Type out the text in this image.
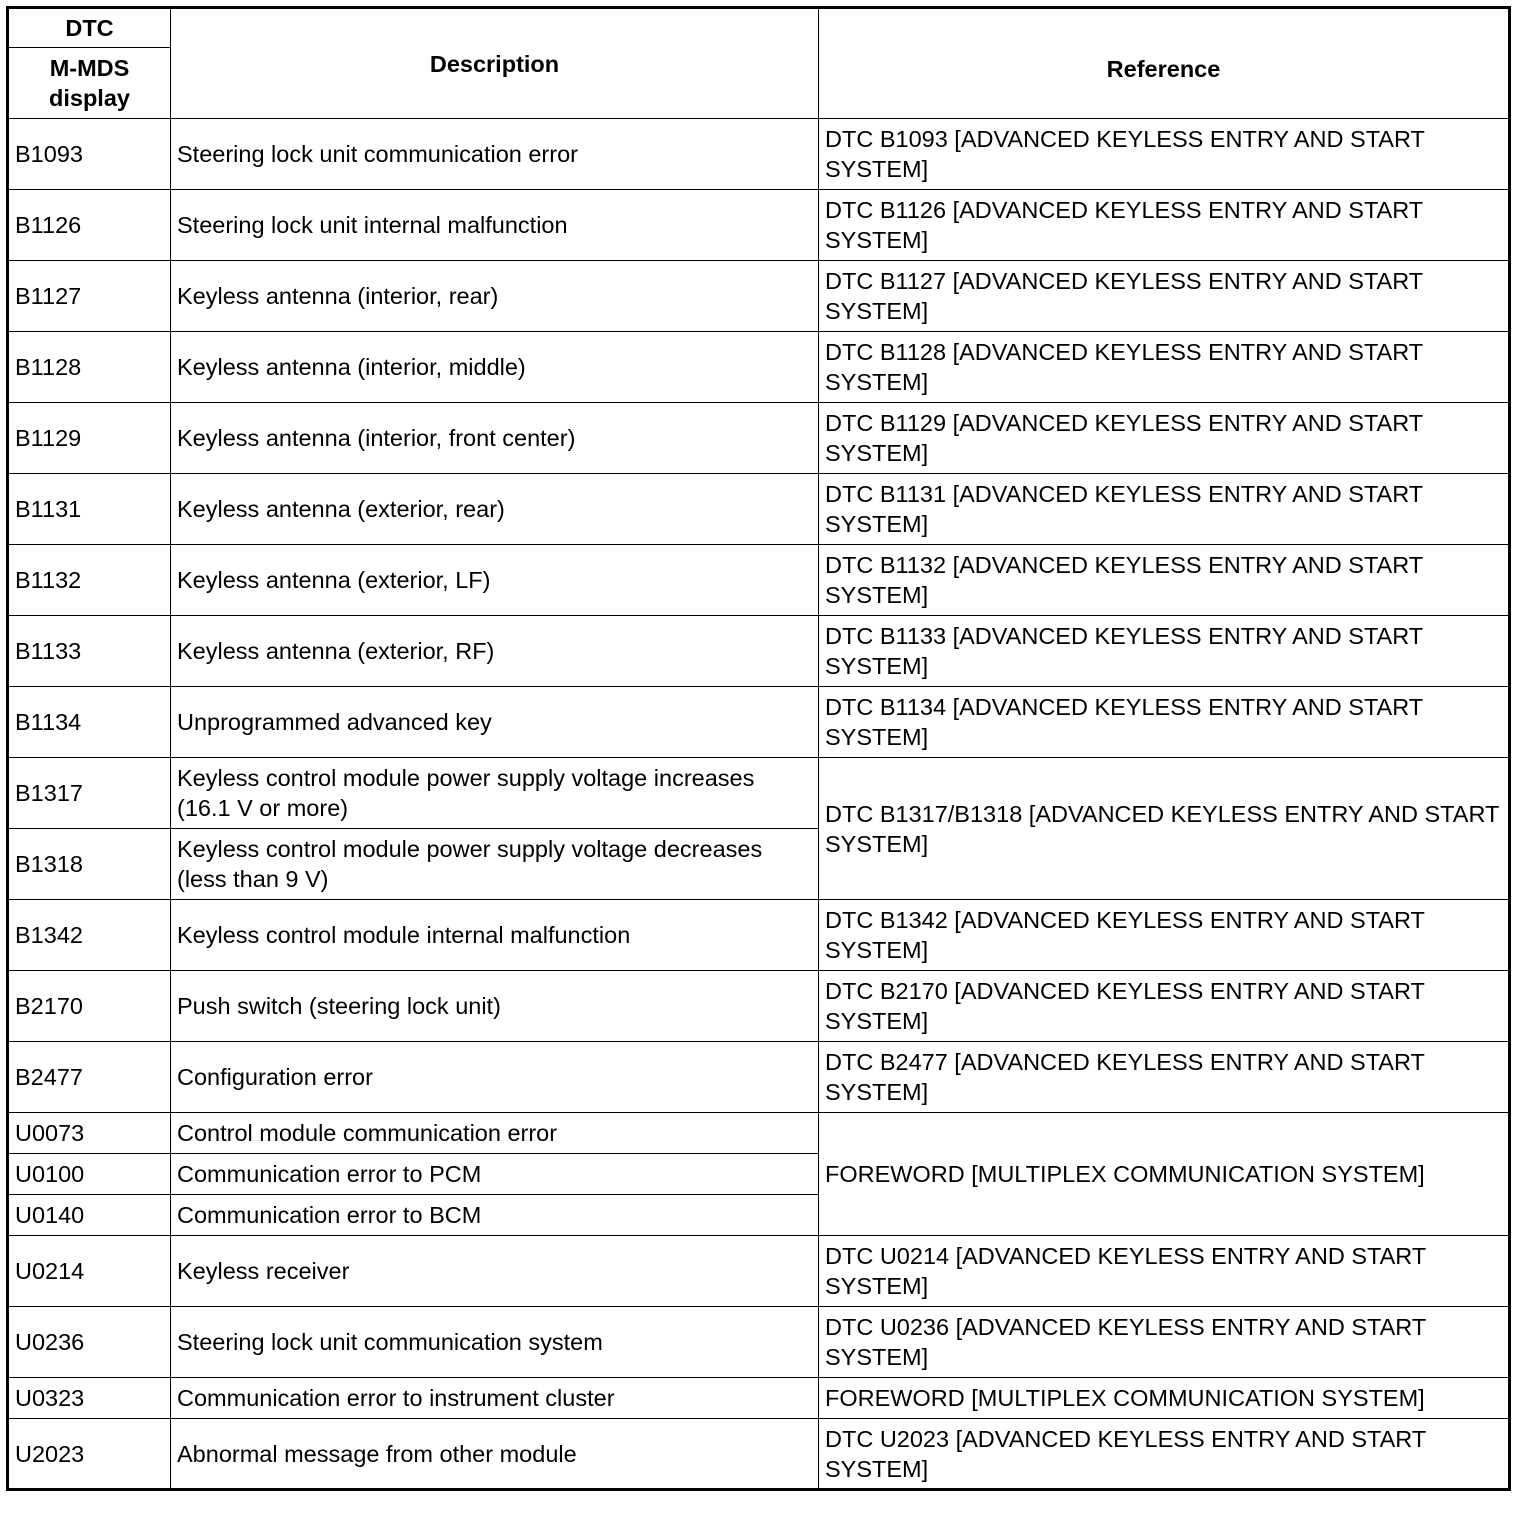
DTC	Description	Reference
M-MDS display		
B1093	Steering lock unit communication error	DTC B1093 [ADVANCED KEYLESS ENTRY AND START SYSTEM]
B1126	Steering lock unit internal malfunction	DTC B1126 [ADVANCED KEYLESS ENTRY AND START SYSTEM]
B1127	Keyless antenna (interior, rear)	DTC B1127 [ADVANCED KEYLESS ENTRY AND START SYSTEM]
B1128	Keyless antenna (interior, middle)	DTC B1128 [ADVANCED KEYLESS ENTRY AND START SYSTEM]
B1129	Keyless antenna (interior, front center)	DTC B1129 [ADVANCED KEYLESS ENTRY AND START SYSTEM]
B1131	Keyless antenna (exterior, rear)	DTC B1131 [ADVANCED KEYLESS ENTRY AND START SYSTEM]
B1132	Keyless antenna (exterior, LF)	DTC B1132 [ADVANCED KEYLESS ENTRY AND START SYSTEM]
B1133	Keyless antenna (exterior, RF)	DTC B1133 [ADVANCED KEYLESS ENTRY AND START SYSTEM]
B1134	Unprogrammed advanced key	DTC B1134 [ADVANCED KEYLESS ENTRY AND START SYSTEM]
B1317	Keyless control module power supply voltage increases (16.1 V or more)	DTC B1317/B1318 [ADVANCED KEYLESS ENTRY AND START SYSTEM]
B1318	Keyless control module power supply voltage decreases (less than 9 V)	
B1342	Keyless control module internal malfunction	DTC B1342 [ADVANCED KEYLESS ENTRY AND START SYSTEM]
B2170	Push switch (steering lock unit)	DTC B2170 [ADVANCED KEYLESS ENTRY AND START SYSTEM]
B2477	Configuration error	DTC B2477 [ADVANCED KEYLESS ENTRY AND START SYSTEM]
U0073	Control module communication error	FOREWORD [MULTIPLEX COMMUNICATION SYSTEM]
U0100	Communication error to PCM	
U0140	Communication error to BCM	
U0214	Keyless receiver	DTC U0214 [ADVANCED KEYLESS ENTRY AND START SYSTEM]
U0236	Steering lock unit communication system	DTC U0236 [ADVANCED KEYLESS ENTRY AND START SYSTEM]
U0323	Communication error to instrument cluster	FOREWORD [MULTIPLEX COMMUNICATION SYSTEM]
U2023	Abnormal message from other module	DTC U2023 [ADVANCED KEYLESS ENTRY AND START SYSTEM]
